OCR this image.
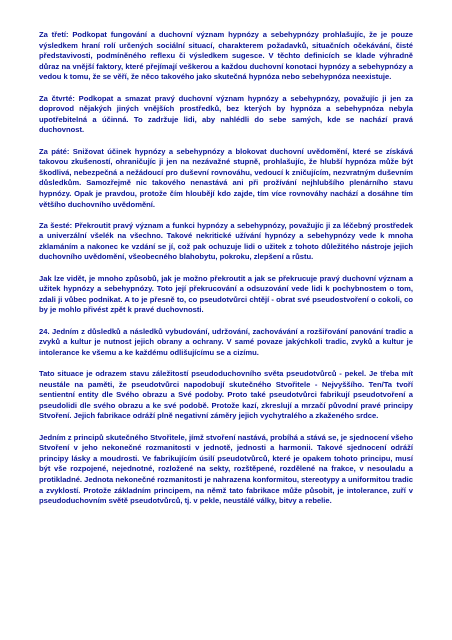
Za třetí: Podkopat fungování a duchovní význam hypnózy a sebehypnózy prohlašujíc, že je pouze výsledkem hraní rolí určených sociální situací, charakterem požadavků, situačních očekávání, čisté představivosti, podmíněného reflexu či výsledkem sugesce. V těchto definicích se klade výhradně důraz na vnější faktory, které přejímají veškerou a každou duchovní konotaci hypnózy a sebehypnózy a vedou k tomu, že se věří, že něco takového jako skutečná hypnóza nebo sebehypnóza neexistuje.

Za čtvrté: Podkopat a smazat pravý duchovní význam hypnózy a sebehypnózy, považujíc ji jen za doprovod nějakých jiných vnějších prostředků, bez kterých by hypnóza a sebehypnóza nebyla upotřebitelná a účinná. To zadržuje lidi, aby nahlédli do sebe samých, kde se nachází pravá duchovnost.

Za páté: Snižovat účinek hypnózy a sebehypnózy a blokovat duchovní uvědomění, které se získává takovou zkušeností, ohraničujíc ji jen na nezávažné stupně, prohlašujíc, že hlubší hypnóza může být škodlivá, nebezpečná a nežádoucí pro duševní rovnováhu, vedoucí k zničujícím, nezvratným duševním důsledkům. Samozřejmě nic takového nenastává ani při prožívání nejhlubšího plenárního stavu hypnózy. Opak je pravdou, protože čím hloubějí kdo zajde, tím více rovnováhy nachází a dosáhne tím většího duchovního uvědomění.

Za šesté: Překroutit pravý význam a funkci hypnózy a sebehypnózy, považujíc ji za léčebný prostředek a univerzální všelék na všechno. Takové nekritické užívání hypnózy a sebehypnózy vede k mnoha zklamáním a nakonec ke vzdání se jí, což pak ochuzuje lidi o užitek z tohoto důležitého nástroje jejich duchovního uvědomění, všeobecného blahobytu, pokroku, zlepšení a růstu.

Jak lze vidět, je mnoho způsobů, jak je možno překroutit a jak se překrucuje pravý duchovní význam a užitek hypnózy a sebehypnózy. Toto její překrucování a odsuzování vede lidi k pochybnostem o tom, zdali ji vůbec podnikat. A to je přesně to, co pseudotvůrci chtějí - obrat své pseudostvoření o cokoli, co by je mohlo přivést zpět k pravé duchovnosti.

24. Jedním z důsledků a následků vybudování, udržování, zachovávání a rozšiřování panování tradic a zvyků a kultur je nutnost jejich obrany a ochrany. V samé povaze jakýchkoli tradic, zvyků a kultur je intolerance ke všemu a ke každému odlišujícímu se a cizímu.

Tato situace je odrazem stavu záležitostí pseudoduchovního světa pseudotvůrců - pekel. Je třeba mít neustále na paměti, že pseudotvůrci napodobují skutečného Stvořitele - Nejvyššího. Ten/Ta tvoří sentientní entity dle Svého obrazu a Své podoby. Proto také pseudotvůrci fabrikují pseudotvoření a pseudolidi dle svého obrazu a ke své podobě. Protože kazí, zkreslují a mrzačí původní pravé principy Stvoření. Jejich fabrikace odráží plně negativní záměry jejich vychytralého a zkaženého srdce.

Jedním z principů skutečného Stvořitele, jímž stvoření nastává, probíhá a stává se, je sjednocení všeho Stvoření v jeho nekonečné rozmanitosti v jednotě, jednosti a harmonii. Takové sjednocení odráží principy lásky a moudrosti. Ve fabrikujícím úsilí pseudotvůrců, které je opakem tohoto principu, musí být vše rozpojené, nejednotné, rozložené na sekty, rozštěpené, rozdělené na frakce, v nesouladu a protikladné. Jednota nekonečné rozmanitosti je nahrazena konformitou, stereotypy a uniformitou tradic a zvyklostí. Protože základním principem, na němž tato fabrikace může působit, je intolerance, zuří v pseudoduchovním světě pseudotvůrců, tj. v pekle, neustálé války, bitvy a rebelie.
